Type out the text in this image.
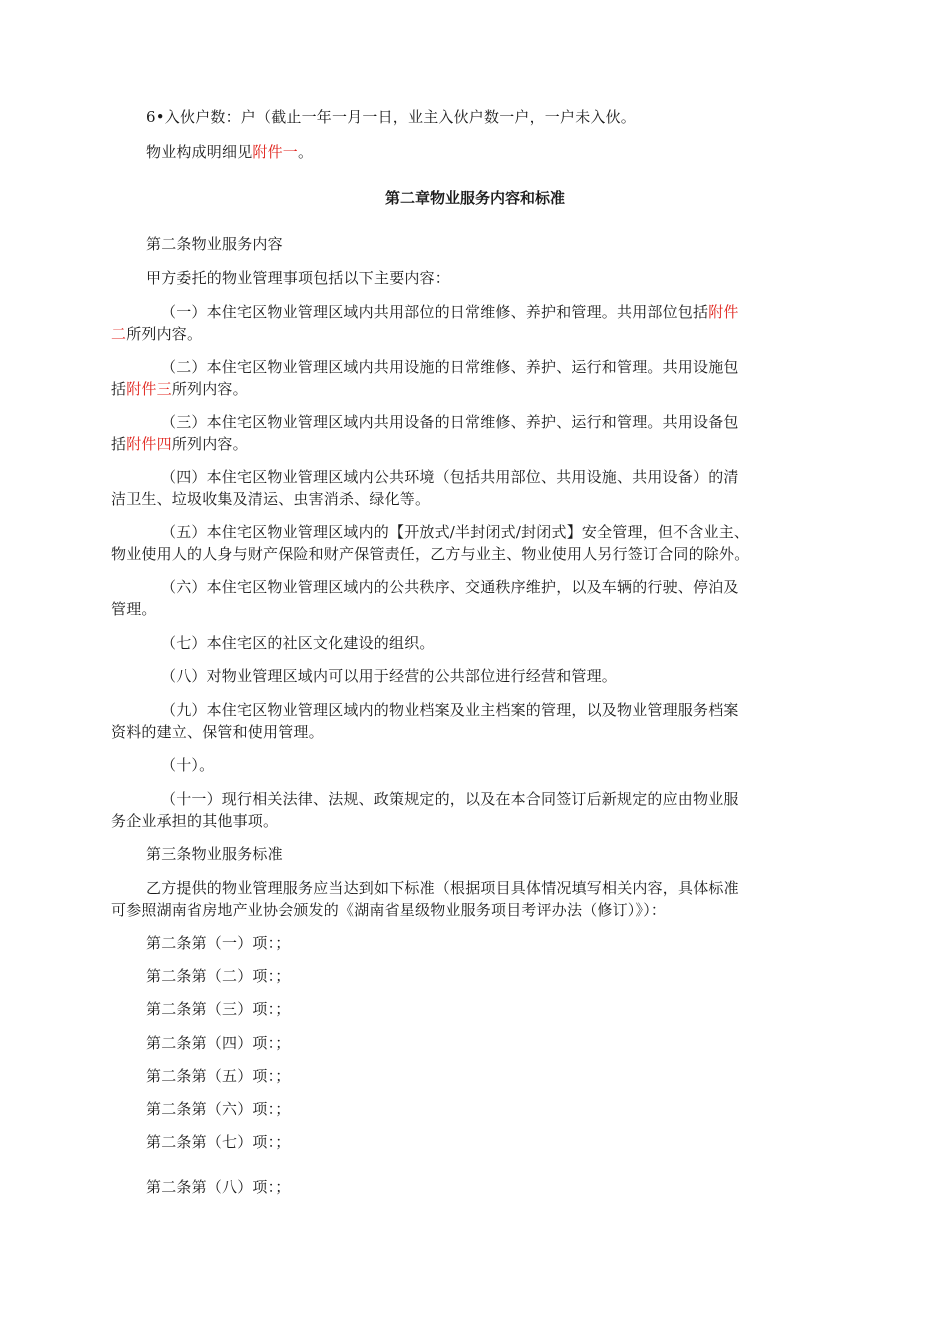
6•入伙户数：户（截止一年一月一日，业主入伙户数一户，一户未入伙。
物业构成明细见附件一。
第二章物业服务内容和标准
第二条物业服务内容
甲方委托的物业管理事项包括以下主要内容：
（一）本住宅区物业管理区域内共用部位的日常维修、养护和管理。共用部位包括附件
二所列内容。
（二）本住宅区物业管理区域内共用设施的日常维修、养护、运行和管理。共用设施包
括附件三所列内容。
（三）本住宅区物业管理区域内共用设备的日常维修、养护、运行和管理。共用设备包
括附件四所列内容。
（四）本住宅区物业管理区域内公共环境（包括共用部位、共用设施、共用设备）的清
洁卫生、垃圾收集及清运、虫害消杀、绿化等。
（五）本住宅区物业管理区域内的【开放式/半封闭式/封闭式】安全管理，但不含业主、
物业使用人的人身与财产保险和财产保管责任，乙方与业主、物业使用人另行签订合同的除外。
（六）本住宅区物业管理区域内的公共秩序、交通秩序维护，以及车辆的行驶、停泊及
管理。
（七）本住宅区的社区文化建设的组织。
（八）对物业管理区域内可以用于经营的公共部位进行经营和管理。
（九）本住宅区物业管理区域内的物业档案及业主档案的管理，以及物业管理服务档案
资料的建立、保管和使用管理。
（十）。
（十一）现行相关法律、法规、政策规定的，以及在本合同签订后新规定的应由物业服
务企业承担的其他事项。
第三条物业服务标准
乙方提供的物业管理服务应当达到如下标准（根据项目具体情况填写相关内容，具体标准
可参照湖南省房地产业协会颁发的《湖南省星级物业服务项目考评办法（修订）》）：
第二条第（一）项：；
第二条第（二）项：；
第二条第（三）项：；
第二条第（四）项：；
第二条第（五）项：；
第二条第（六）项：；
第二条第（七）项：；
第二条第（八）项：；
